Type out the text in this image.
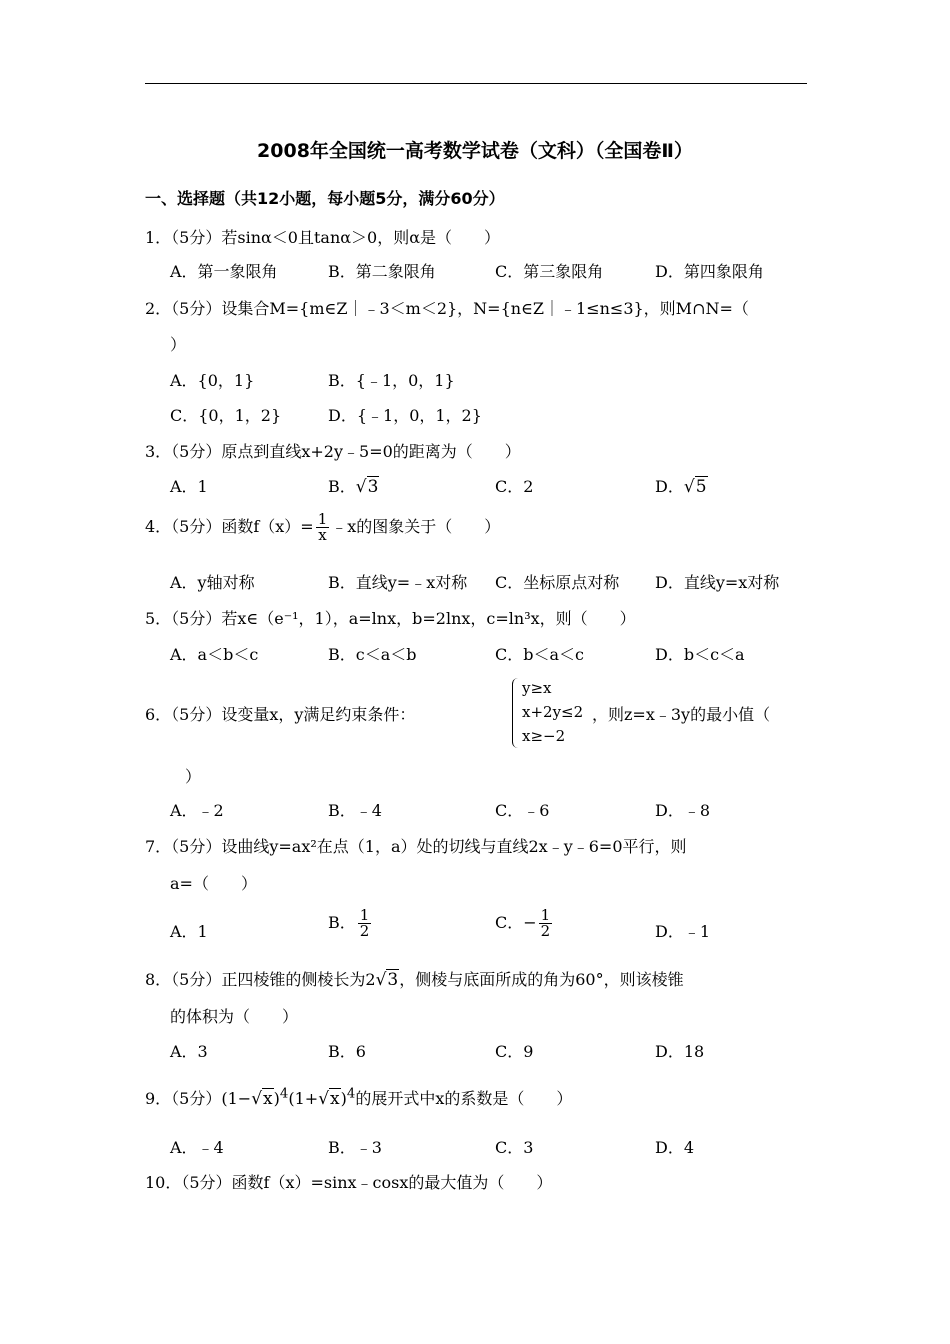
2008年全国统一高考数学试卷（文科）（全国卷Ⅱ）
一、选择题（共12小题，每小题5分，满分60分）
1．（5分）若sinα＜0且tanα＞0，则α是（　　）
A．第一象限角	B．第二象限角	C．第三象限角	D．第四象限角
2．（5分）设集合M={m∈Z｜﹣3＜m＜2}，N={n∈Z｜﹣1≤n≤3}，则M∩N=（
）
A．{0，1}	B．{﹣1，0，1}
C．{0，1，2}	D．{﹣1，0，1，2}
3．（5分）原点到直线x+2y﹣5=0的距离为（　　）
A．1	B．√3	C．2	D．√5
4．（5分）函数$f(x)= \frac{1}{x}$ ﹣x的图象关于（　　）
A．y轴对称	B．直线y=﹣x对称 C．坐标原点对称 D．直线y=x对称
5．（5分）若x∈（e⁻¹，1），a=lnx，b=2lnx，c=ln³x，则（　　）
A．a＜b＜c	B．c＜a＜b	C．b＜a＜c	D．b＜c＜a
6．（5分）设变量x，y满足约束条件：
y≥x
x+2y≤2
x≥−2
，则z=x﹣3y的最小值（
）
A．﹣2	B．﹣4	C．﹣6	D．﹣8
7．（5分）设曲线y=ax²在点（1，a）处的切线与直线2x﹣y﹣6=0平行，则
a=（　　）
A．1	B． $\frac{1}{2}$	C．− $\frac{1}{2}$	D．﹣1
8．（5分）正四棱锥的侧棱长为2√3，侧棱与底面所成的角为60°，则该棱锥
的体积为（　　）
A．3	B．6	C．9	D．18
9．（5分）$(1-√x)^4(1+√x)^4$的展开式中x的系数是（　　）
A．﹣4	B．﹣3	C．3	D．4
10．（5分）函数f（x）=sinx﹣cosx的最大值为（　　）
